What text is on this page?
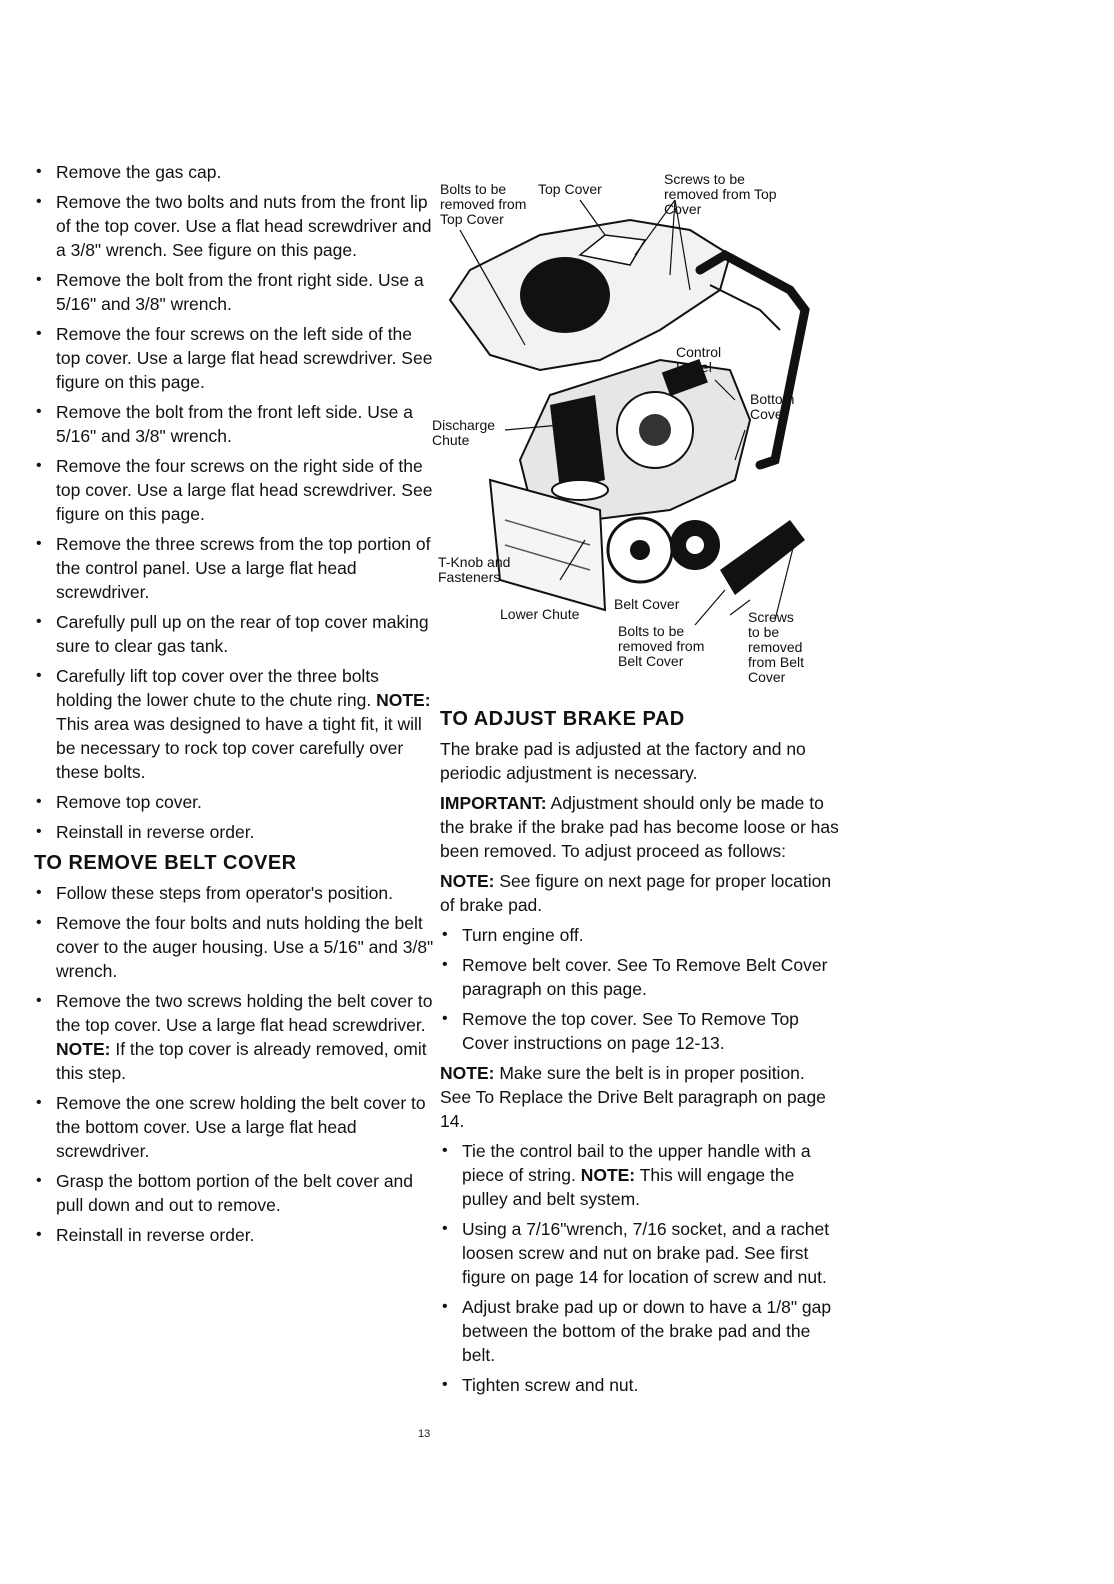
• Remove the gas cap.
• Remove the two bolts and nuts from the front lip of the top cover. Use a flat head screwdriver and a 3/8" wrench. See figure on this page.
• Remove the bolt from the front right side. Use a 5/16" and 3/8" wrench.
• Remove the four screws on the left side of the top cover. Use a large flat head screwdriver. See figure on this page.
• Remove the bolt from the front left side. Use a 5/16" and 3/8" wrench.
• Remove the four screws on the right side of the top cover. Use a large flat head screwdriver. See figure on this page.
• Remove the three screws from the top portion of the control panel. Use a large flat head screwdriver.
• Carefully pull up on the rear of top cover making sure to clear gas tank.
• Carefully lift top cover over the three bolts holding the lower chute to the chute ring. NOTE: This area was designed to have a tight fit, it will be necessary to rock top cover carefully over these bolts.
• Remove top cover.
• Reinstall in reverse order.
TO REMOVE BELT COVER
• Follow these steps from operator's position.
• Remove the four bolts and nuts holding the belt cover to the auger housing. Use a 5/16" and 3/8" wrench.
• Remove the two screws holding the belt cover to the top cover. Use a large flat head screwdriver. NOTE: If the top cover is already removed, omit this step.
• Remove the one screw holding the belt cover to the bottom cover. Use a large flat head screwdriver.
• Grasp the bottom portion of the belt cover and pull down and out to remove.
• Reinstall in reverse order.
Bolts to be
removed from
Top Cover
Top Cover
Screws to be
removed from Top
Cover
Control
Panel
Bottom
Cover
Discharge
Chute
T-Knob and
Fasteners
Lower Chute
Belt Cover
Bolts to be
removed from
Belt Cover
Screws
to be
removed
from Belt
Cover
TO ADJUST BRAKE PAD

The brake pad is adjusted at the factory and no periodic adjustment is necessary.

IMPORTANT: Adjustment should only be made to the brake if the brake pad has become loose or has been removed. To adjust proceed as follows:

NOTE: See figure on next page for proper location of brake pad.

• Turn engine off.
• Remove belt cover. See To Remove Belt Cover paragraph on this page.
• Remove the top cover. See To Remove Top Cover instructions on page 12-13.

NOTE: Make sure the belt is in proper position. See To Replace the Drive Belt paragraph on page 14.

• Tie the control bail to the upper handle with a piece of string. NOTE: This will engage the pulley and belt system.
• Using a 7/16"wrench, 7/16 socket, and a rachet loosen screw and nut on brake pad. See first figure on page 14 for location of screw and nut.
• Adjust brake pad up or down to have a 1/8" gap between the bottom of the brake pad and the belt.
• Tighten screw and nut.
13
